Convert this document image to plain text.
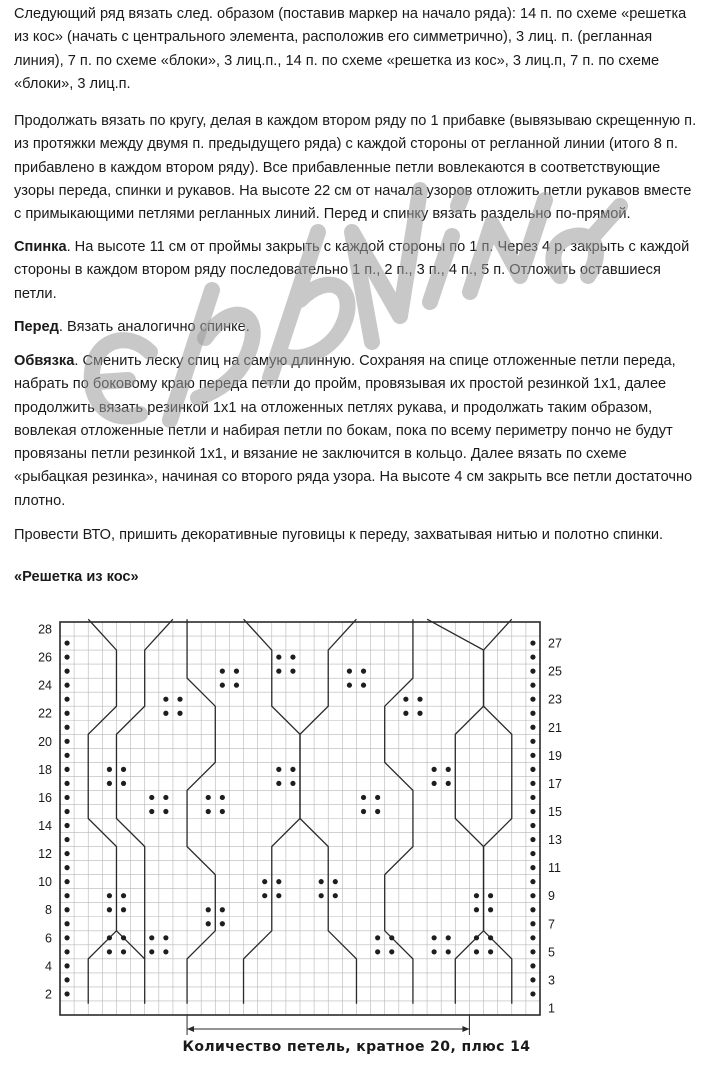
Следующий ряд вязать след. образом (поставив маркер на начало ряда): 14 п. по схеме «решетка из кос» (начать с центрального элемента, расположив его симметрично), 3 лиц. п. (регланная линия), 7 п. по схеме «блоки», 3 лиц.п., 14 п. по схеме «решетка из кос», 3 лиц.п, 7 п. по схеме «блоки», 3 лиц.п.

Продолжать вязать по кругу, делая в каждом втором ряду по 1 прибавке (вывязываю скрещенную п. из протяжки между двумя п. предыдущего ряда) с каждой стороны от регланной линии (итого 8 п. прибавлено в каждом втором ряду). Все прибавленные петли вовлекаются в соответствующие узоры переда, спинки и рукавов. На высоте 22 см от начала узоров отложить петли рукавов вместе с примыкающими петлями регланных линий. Перед и спинку вязать раздельно по-прямой.

Спинка. На высоте 11 см от проймы закрыть с каждой стороны по 1 п. Через 4 р. закрыть с каждой стороны в каждом втором ряду последовательно 1 п., 2 п., 3 п., 4 п., 5 п. Отложить оставшиеся петли.

Перед. Вязать аналогично спинке.

Обвязка. Сменить леску спиц на самую длинную. Сохраняя на спице отложенные петли переда, набрать по боковому краю переда петли до пройм, провязывая их простой резинкой 1х1, далее продолжить вязать резинкой 1х1 на отложенных петлях рукава, и продолжать таким образом, вовлекая отложенные петли и набирая петли по бокам, пока по всему периметру пончо не будут провязаны петли резинкой 1х1, и вязание не заключится в кольцо. Далее вязать по схеме «рыбацкая резинка», начиная со второго ряда узора. На высоте 4 см закрыть все петли достаточно плотно.

Провести ВТО, пришить декоративные пуговицы к переду, захватывая нитью и полотно спинки.

«Решетка из кос»

2
4
6
8
10
12
14
16
18
20
22
24
26
28
1
3
5
7
9
11
13
15
17
19
21
23
25
27
Количество петель, кратное 20, плюс 14
